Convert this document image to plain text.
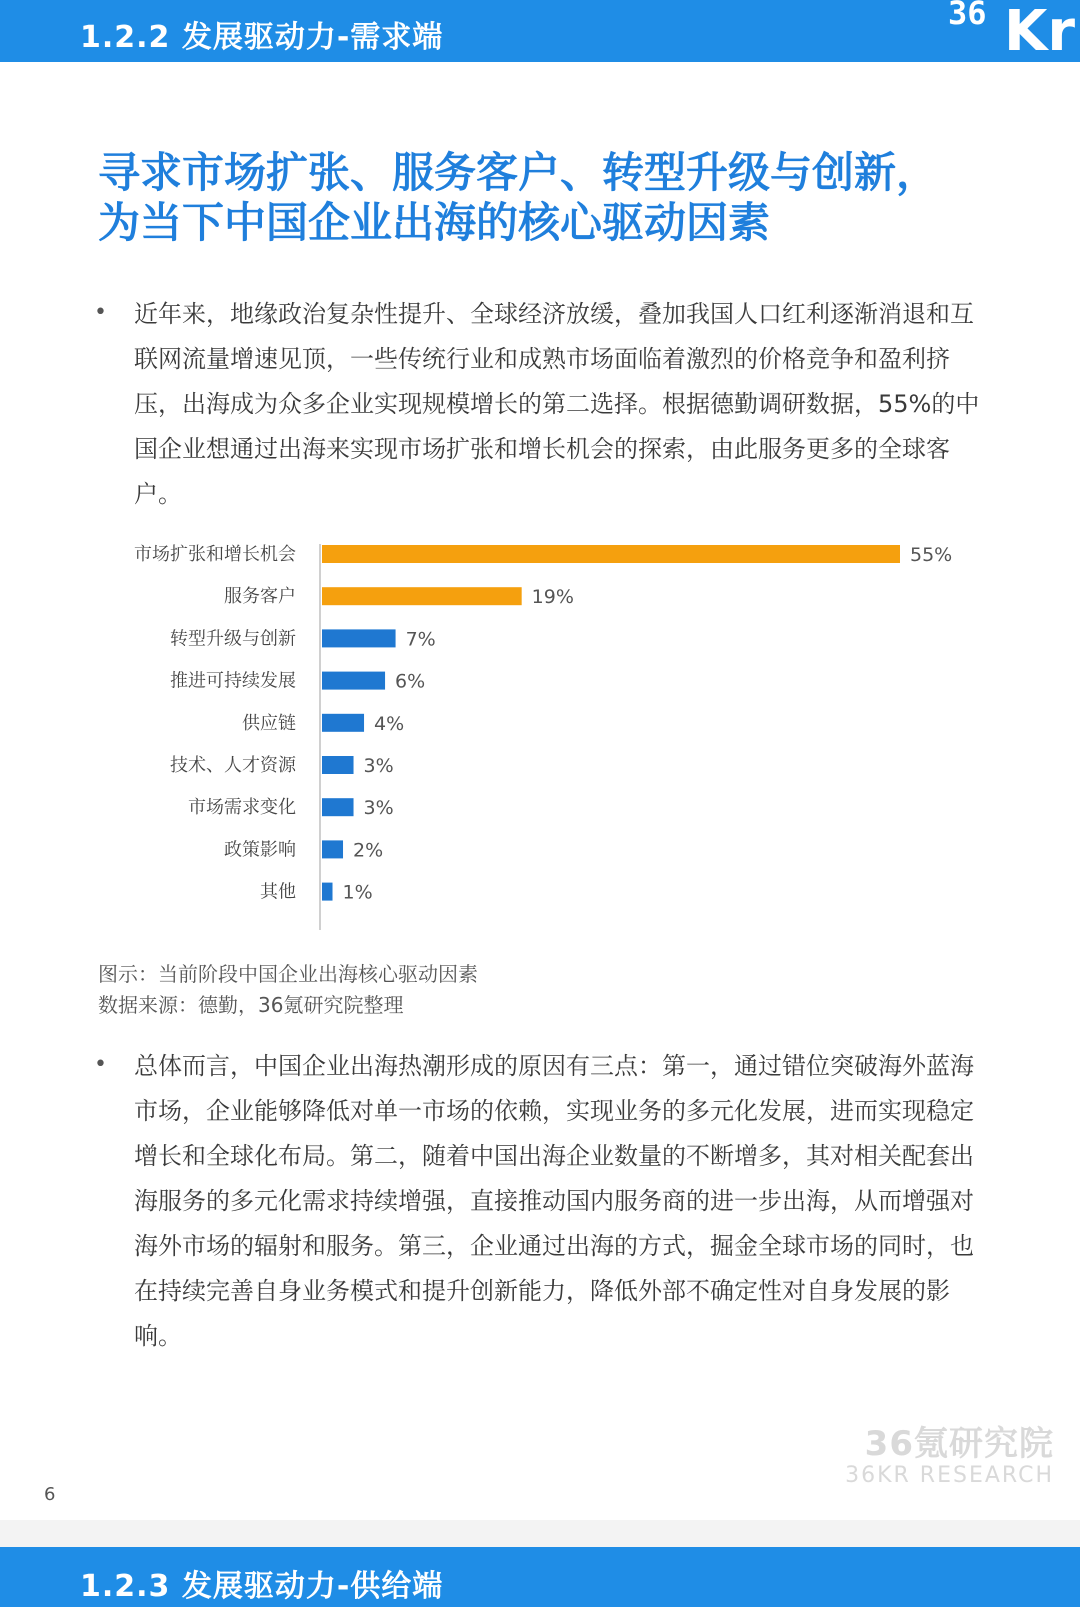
1.2.2 发展驱动力-需求端
36 Kr
寻求市场扩张、服务客户、转型升级与创新，
为当下中国企业出海的核心驱动因素
• 近年来，地缘政治复杂性提升、全球经济放缓，叠加我国人口红利逐渐消退和互联网流量增速见顶，一些传统行业和成熟市场面临着激烈的价格竞争和盈利挤压，出海成为众多企业实现规模增长的第二选择。根据德勤调研数据，55%的中国企业想通过出海来实现市场扩张和增长机会的探索，由此服务更多的全球客户。
市场扩张和增长机会	55%
服务客户	19%
转型升级与创新	7%
推进可持续发展	6%
供应链	4%
技术、人才资源	3%
市场需求变化	3%
政策影响	2%
其他 1%
图示：当前阶段中国企业出海核心驱动因素
数据来源：德勤，36氪研究院整理
• 总体而言，中国企业出海热潮形成的原因有三点：第一，通过错位突破海外蓝海市场，企业能够降低对单一市场的依赖，实现业务的多元化发展，进而实现稳定增长和全球化布局。第二，随着中国出海企业数量的不断增多，其对相关配套出海服务的多元化需求持续增强，直接推动国内服务商的进一步出海，从而增强对海外市场的辐射和服务。第三，企业通过出海的方式，掘金全球市场的同时，也在持续完善自身业务模式和提升创新能力，降低外部不确定性对自身发展的影响。
36氪研究院
36KR RESEARCH
6
1.2.3 发展驱动力-供给端
